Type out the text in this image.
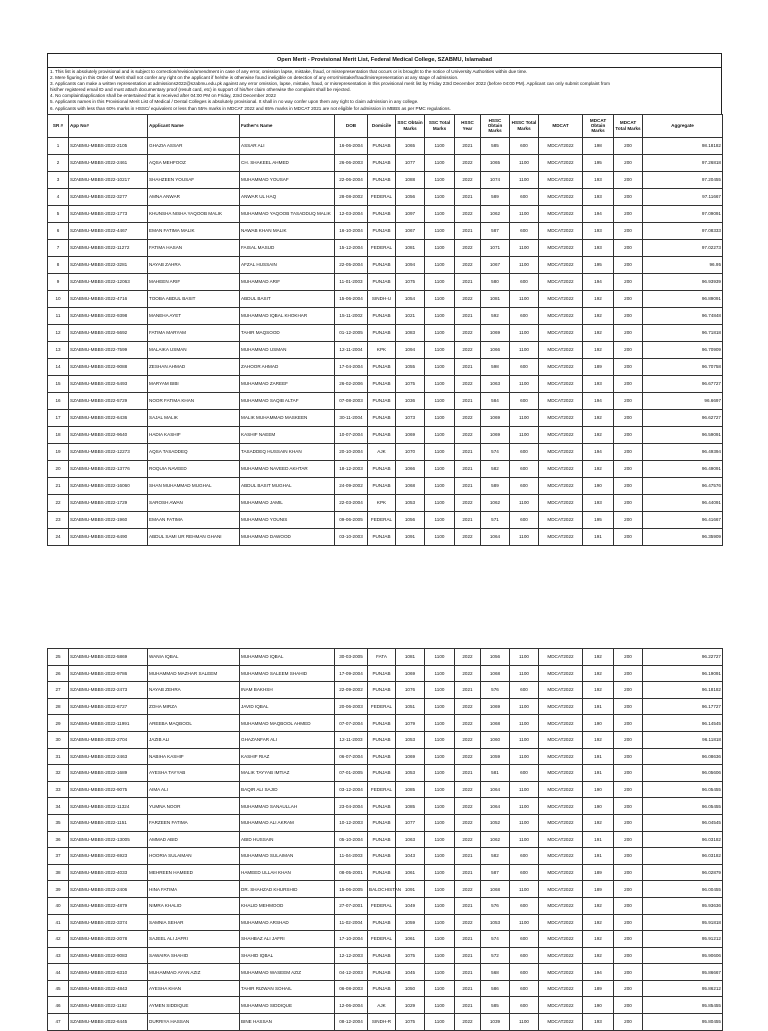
Open Merit - Provisional Merit List, Federal Medical College, SZABMU, Islamabad
1. This list is absolutely provisional and is subject to correction/revision/amendment in case of any error, omission lapse, mistake, fraud, or misrepresentation that occurs or is brought to the notice of University Authorities within due time.
2. Mere figuring in this Order of Merit shall not confer any right on the applicant if he/she is otherwise found ineligible on detection of any error/mistake/fraud/misrepresentation at any stage of admission.
3. Applicants can make a written representation at admissions2022@szabmu.edu.pk against any error omission, lapse, mistake, fraud, or misrepresentation in this provisional merit list by Friday 23rd December 2022 (before 04:00 PM). Applicant can only submit complaint from
his/her registered email ID and must attach documentary proof (result card, etc) in support of his/her claim otherwise the complaint shall be rejected.
4. No complaint/application shall be entertained that is received after 04:00 PM on Friday, 23rd December 2022
5. Applicants names in this Provisional Merit List of Medical / Dental Colleges is absolutely provisional. It shall in no way confer upon them any right to claim admission in any college.
6. Applicants with less than 60% marks in HSSC/ equivalent or less than 55% marks in MDCAT 2022 and 65% marks in MDCAT 2021 are not eligible for admission in MBBS as per PMC regulations.
SR #	App No#	Applicant Name	Father's Name	DOB	Domicile	SSC Obtain Marks	SSC Total Marks	HSSC Year	HSSC Obtain Marks	HSSC Total Marks	MDCAT	MDCAT Obtain Marks	MDCAT Total Marks	Aggregate
1	SZABMU-MBBS-2022-2105	GHAZIA ASSAR	ASSAR ALI	16-06-2004	PUNJAB	1065	1100	2021	585	600	MDCAT2022	198	200	98.18182
2	SZABMU-MBBS-2022-2461	AQSA MEHFOOZ	CH. SHAKEEL AHMED	26-06-2003	PUNJAB	1077	1100	2022	1065	1100	MDCAT2022	195	200	97.26818
3	SZABMU-MBBS-2022-10217	SHAHZEEN YOUSAF	MUHAMMAD YOUSAF	22-06-2004	PUNJAB	1088	1100	2022	1074	1100	MDCAT2022	193	200	97.20455
4	SZABMU-MBBS-2022-3277	AMNA ANWAR	ANWAR UL HAQ	28-08-2002	FEDERAL	1056	1100	2021	589	600	MDCAT2022	193	200	97.11667
5	SZABMU-MBBS-2022-1773	KHUNSHA NISHA YAQOOB MALIK	MUHAMMAD YAQOOB TASADDUQ MALIK	12-03-2004	PUNJAB	1097	1100	2022	1062	1100	MDCAT2022	194	200	97.09091
6	SZABMU-MBBS-2022-4467	EMAN FATIMA MALIK	NAWAB KHAN MALIK	16-10-2004	PUNJAB	1067	1100	2021	587	600	MDCAT2022	193	200	97.08333
7	SZABMU-MBBS-2022-11272	FATIMA HASAN	FAISAL MASUD	15-12-2004	FEDERAL	1081	1100	2022	1071	1100	MDCAT2022	193	200	97.02273
8	SZABMU-MBBS-2022-3281	NAYAB ZAHRA	AFZAL HUSSAIN	22-05-2004	PUNJAB	1094	1100	2022	1067	1100	MDCAT2022	195	200	96.95
9	SZABMU-MBBS-2022-12063	MAHEEN ARIF	MUHAMMAD ARIF	11-01-2003	PUNJAB	1075	1100	2021	580	600	MDCAT2022	194	200	96.93939
10	SZABMU-MBBS-2022-4716	TOOBA ABDUL BASIT	ABDUL BASIT	15-06-2004	SINDH-U	1054	1100	2022	1081	1100	MDCAT2022	192	200	96.89091
11	SZABMU-MBBS-2022-9398	MANEHA AYET	MUHAMMAD IQBAL KHOKHAR	15-11-2002	PUNJAB	1021	1100	2021	592	600	MDCAT2022	192	200	96.74848
12	SZABMU-MBBS-2022-5692	FATIMA MARYAM	TAHIR MAQSOOD	01-12-2005	PUNJAB	1083	1100	2022	1069	1100	MDCAT2022	192	200	96.71818
13	SZABMU-MBBS-2022-7599	MALAIKA USMAN	MUHAMMAD USMAN	12-11-2004	KPK	1094	1100	2022	1066	1100	MDCAT2022	192	200	96.70909
14	SZABMU-MBBS-2022-9088	ZESHAN AHMAD	ZAHOOR AHMAD	17-04-2004	PUNJAB	1055	1100	2021	598	600	MDCAT2022	189	200	96.70758
15	SZABMU-MBBS-2022-5493	MARYAM BIBI	MUHAMMAD ZAREEF	26-02-2006	PUNJAB	1075	1100	2022	1063	1100	MDCAT2022	193	200	96.67727
16	SZABMU-MBBS-2022-5729	NOOR FATIMA KHAN	MUHAMMAD SAQIB ALTAF	07-08-2003	PUNJAB	1036	1100	2021	584	600	MDCAT2022	194	200	96.6697
17	SZABMU-MBBS-2022-6436	SAJAL MALIK	MALIK MUHAMMAD MASKEEN	30-11-2004	PUNJAB	1073	1100	2022	1069	1100	MDCAT2022	192	200	96.62727
18	SZABMU-MBBS-2022-9640	HADIA KASHIF	KASHIF NAEEM	10-07-2004	PUNJAB	1069	1100	2022	1069	1100	MDCAT2022	192	200	96.59091
19	SZABMU-MBBS-2022-12273	AQSA TASADDEQ	TASADDEQ HUSSAIN KHAN	20-10-2004	AJK	1070	1100	2021	574	600	MDCAT2022	194	200	96.49394
20	SZABMU-MBBS-2022-13776	ROQUIA NAVEED	MUHAMMAD NAVEED AKHTAR	18-12-2003	PUNJAB	1066	1100	2021	582	600	MDCAT2022	192	200	96.49091
21	SZABMU-MBBS-2022-16060	SHAN MUHAMMAD MUGHAL	ABDUL BASIT MUGHAL	24-09-2002	PUNJAB	1068	1100	2021	589	600	MDCAT2022	190	200	96.47576
22	SZABMU-MBBS-2022-1729	SAROSH AWAN	MUHAMMAD JAMIL	22-03-2004	KPK	1053	1100	2022	1062	1100	MDCAT2022	193	200	96.44091
23	SZABMU-MBBS-2022-1960	EMAAN FATIMA	MUHAMMAD YOUNIS	09-06-2005	FEDERAL	1056	1100	2021	571	600	MDCAT2022	195	200	96.41667
24	SZABMU-MBBS-2022-6490	ABDUL SAMI UR REHMAN GHANI	MUHAMMAD DAWOOD	03-10-2003	PUNJAB	1091	1100	2022	1064	1100	MDCAT2022	191	200	96.35909
25	SZABMU-MBBS-2022-5869	WANIA IQBAL	MUHAMMAD IQBAL	30-03-2005	FATA	1081	1100	2022	1056	1100	MDCAT2022	192	200	96.22727
26	SZABMU-MBBS-2022-9786	MUHAMMAD MAZHAR SALEEM	MUHAMMAD SALEEM SHAHID	17-09-2004	PUNJAB	1069	1100	2022	1068	1100	MDCAT2022	192	200	96.19091
27	SZABMU-MBBS-2022-2473	NAYAB ZEHRA	INAM BAKHSH	22-09-2002	PUNJAB	1076	1100	2021	576	600	MDCAT2022	192	200	96.18182
28	SZABMU-MBBS-2022-6727	ZOHA MIRZA	JAVID IQBAL	20-06-2003	FEDERAL	1051	1100	2022	1069	1100	MDCAT2022	191	200	96.17727
29	SZABMU-MBBS-2022-11991	AREEBA MAQBOOL	MUHAMMAD MAQBOOL AHMED	07-07-2004	PUNJAB	1079	1100	2022	1068	1100	MDCAT2022	190	200	96.14545
30	SZABMU-MBBS-2022-2704	JAZIB ALI	GHAZANFAR ALI	12-11-2003	PUNJAB	1053	1100	2022	1060	1100	MDCAT2022	192	200	96.11818
31	SZABMU-MBBS-2022-2463	NABIHA KASHIF	KASHIF RIAZ	06-07-2004	PUNJAB	1069	1100	2022	1059	1100	MDCAT2022	191	200	96.08636
32	SZABMU-MBBS-2022-1689	AYESHA TAYYAB	MALIK TAYYAB IMTIAZ	07-01-2005	PUNJAB	1053	1100	2021	581	600	MDCAT2022	191	200	96.05606
33	SZABMU-MBBS-2022-9075	AIMA ALI	BAQIR ALI SAJID	03-12-2004	FEDERAL	1085	1100	2022	1064	1100	MDCAT2022	190	200	96.05455
34	SZABMU-MBBS-2022-11324	YUMNA NOOR	MUHAMMAD SANAULLAH	23-04-2004	PUNJAB	1085	1100	2022	1064	1100	MDCAT2022	190	200	96.05455
35	SZABMU-MBBS-2022-1151	FARZEEN FATIMA	MUHAMMAD ALI AKRAM	10-12-2003	PUNJAB	1077	1100	2022	1052	1100	MDCAT2022	192	200	96.04545
36	SZABMU-MBBS-2022-13005	AMMAD ABID	ABID HUSSAIN	05-10-2004	PUNJAB	1063	1100	2022	1062	1100	MDCAT2022	191	200	96.03182
37	SZABMU-MBBS-2022-6923	HOORIA SULAIMAN	MUHAMMAD SULAIMAN	11-04-2003	PUNJAB	1043	1100	2021	582	600	MDCAT2022	191	200	96.03182
38	SZABMU-MBBS-2022-4033	MEHREEN HAMEED	HAMEED ULLAH KHAN	08-05-2001	PUNJAB	1061	1100	2021	587	600	MDCAT2022	189	200	96.02879
39	SZABMU-MBBS-2022-2406	HINA FATIMA	DR. SHAHZAD KHURSHID	15-06-2005	BALOCHISTAN	1091	1100	2022	1068	1100	MDCAT2022	189	200	96.00455
40	SZABMU-MBBS-2022-4879	NIMRA KHALID	KHALID MEHMOOD	27-07-2001	FEDERAL	1049	1100	2021	576	600	MDCAT2022	192	200	95.93636
41	SZABMU-MBBS-2022-3374	SAMNIA SEHAR	MUHAMMAD ARSHAD	11-02-2004	PUNJAB	1059	1100	2022	1053	1100	MDCAT2022	192	200	95.91818
42	SZABMU-MBBS-2022-2078	SAJEEL ALI JAFRI	SHAHBAZ ALI JAFRI	17-10-2004	FEDERAL	1061	1100	2021	574	600	MDCAT2022	192	200	95.91212
43	SZABMU-MBBS-2022-9083	SAWAIRA SHAHID	SHAHID IQBAL	12-12-2003	PUNJAB	1075	1100	2021	572	600	MDCAT2022	192	200	95.90606
44	SZABMU-MBBS-2022-6310	MUHAMMAD AYAN AZIZ	MUHAMMAD WASEEM AZIZ	04-12-2003	PUNJAB	1045	1100	2021	568	600	MDCAT2022	194	200	95.86667
45	SZABMU-MBBS-2022-4843	AYESHA KHAN	TAHIR RIZWAN SOHAIL	06-08-2003	PUNJAB	1050	1100	2021	586	600	MDCAT2022	189	200	95.86212
46	SZABMU-MBBS-2022-1192	AYMEN SIDDIQUE	MUHAMMAD SIDDIQUE	12-06-2004	AJK	1029	1100	2021	585	600	MDCAT2022	190	200	95.85455
47	SZABMU-MBBS-2022-6445	DURRIYA HASSAN	BINE HASSAN	08-12-2004	SINDH-R	1075	1100	2022	1039	1100	MDCAT2022	193	200	95.80455
